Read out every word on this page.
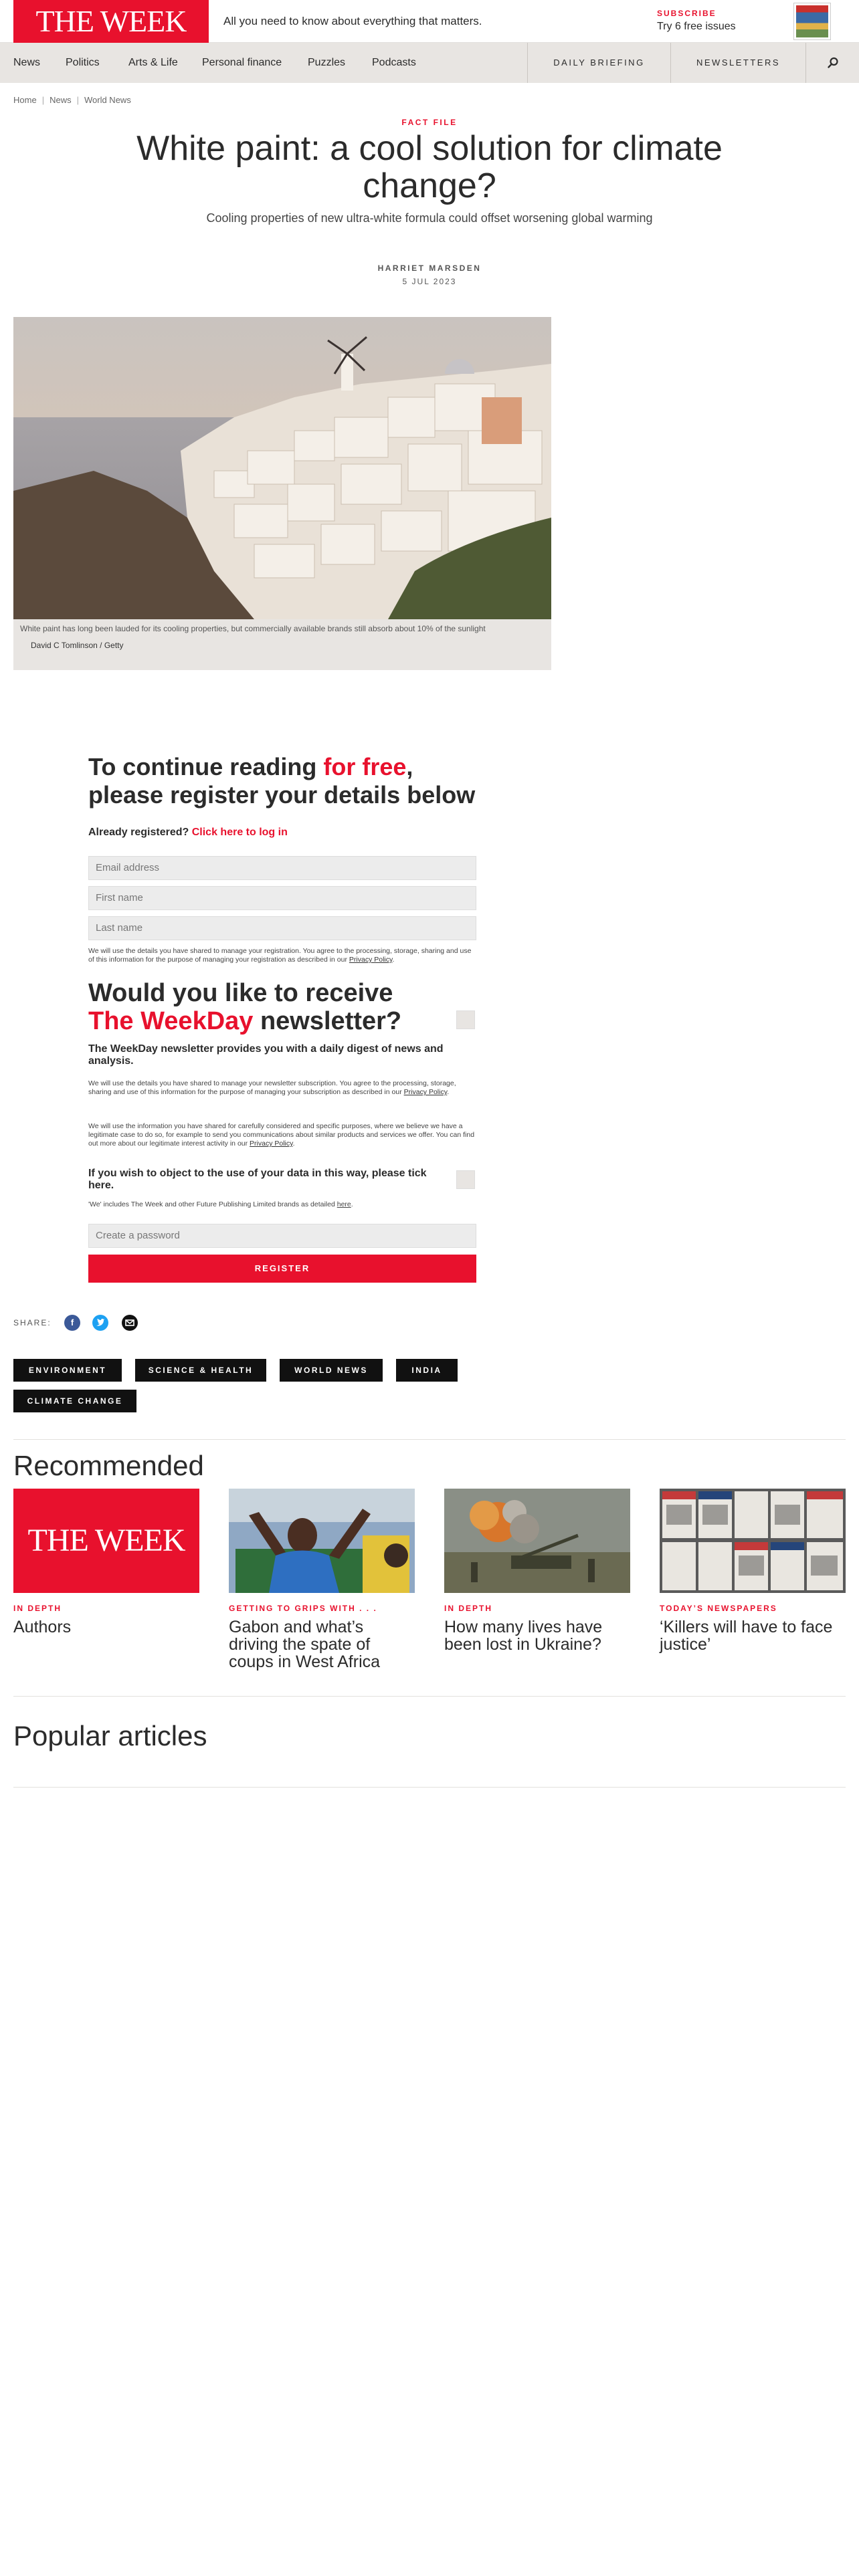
THE WEEK	All you need to know about everything that matters.
SUBSCRIBE
Try 6 free issues
News Politics	Arts & Life Personal finance Puzzles Podcasts	DAILY BRIEFING	NEWSLETTERS
Home | News | World News
FACT FILE
White paint: a cool solution for climate change?
Cooling properties of new ultra-white formula could offset worsening global warming
HARRIET MARSDEN
5 JUL 2023
White paint has long been lauded for its cooling properties, but commercially available brands still absorb about 10% of the sunlight
David C Tomlinson / Getty
To continue reading for free, please register your details below
Already registered? Click here to log in
Email address
First name
Last name
We will use the details you have shared to manage your registration. You agree to the processing, storage, sharing and use of this information for the purpose of managing your registration as described in our Privacy Policy.
Would you like to receive The WeekDay newsletter?
The WeekDay newsletter provides you with a daily digest of news and analysis.
We will use the details you have shared to manage your newsletter subscription. You agree to the processing, storage, sharing and use of this information for the purpose of managing your subscription as described in our Privacy Policy.
We will use the information you have shared for carefully considered and specific purposes, where we believe we have a legitimate case to do so, for example to send you communications about similar products and services we offer. You can find out more about our legitimate interest activity in our Privacy Policy.
If you wish to object to the use of your data in this way, please tick here.
'We' includes The Week and other Future Publishing Limited brands as detailed here.
Create a password
REGISTER
SHARE:	f
ENVIRONMENT	SCIENCE & HEALTH	WORLD NEWS	INDIA
CLIMATE CHANGE
Recommended
THE WEEK
IN DEPTH
Authors
GETTING TO GRIPS WITH . . .
Gabon and what’s driving the spate of coups in West Africa
IN DEPTH
How many lives have been lost in Ukraine?
TODAY’S NEWSPAPERS
‘Killers will have to face justice’
Popular articles
